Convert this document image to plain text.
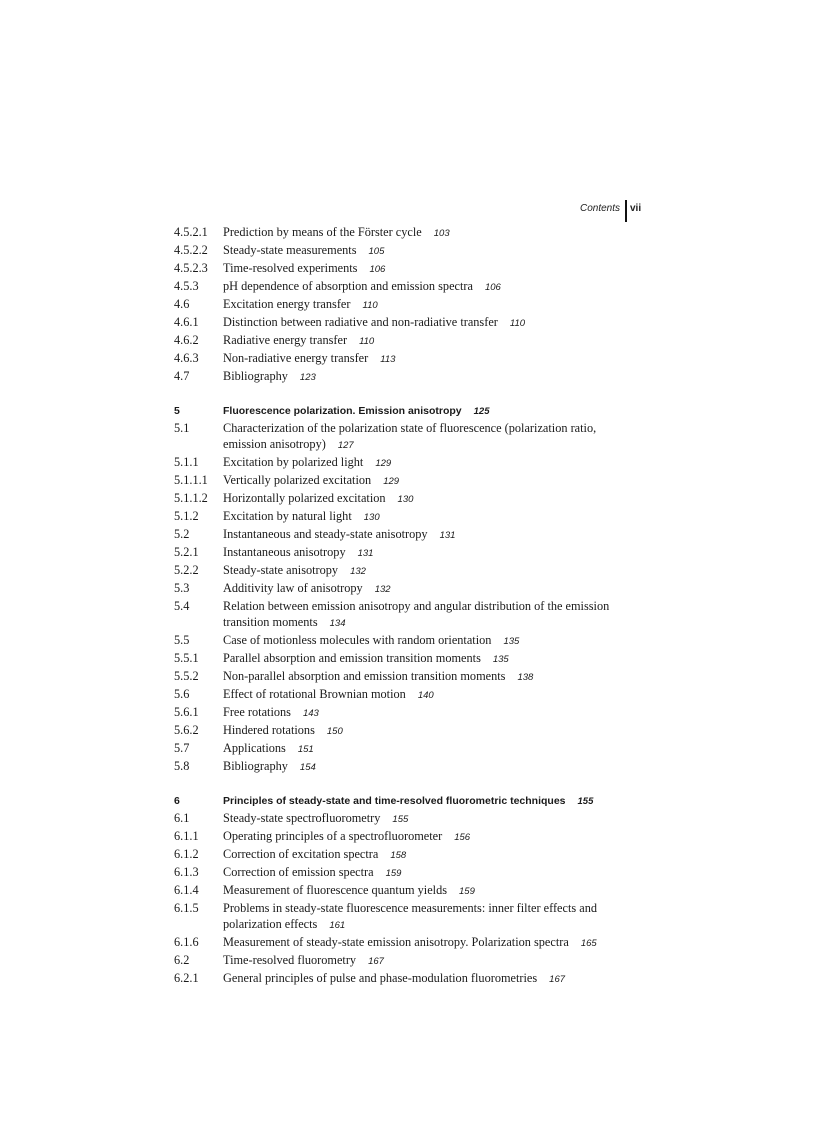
Contents vii
4.5.2.1	Prediction by means of the Förster cycle 103
4.5.2.2	Steady-state measurements 105
4.5.2.3	Time-resolved experiments 106
4.5.3	pH dependence of absorption and emission spectra 106
4.6	Excitation energy transfer 110
4.6.1	Distinction between radiative and non-radiative transfer 110
4.6.2	Radiative energy transfer 110
4.6.3	Non-radiative energy transfer 113
4.7	Bibliography 123
5	Fluorescence polarization. Emission anisotropy 125
5.1	Characterization of the polarization state of fluorescence (polarization ratio, emission anisotropy) 127
5.1.1	Excitation by polarized light 129
5.1.1.1	Vertically polarized excitation 129
5.1.1.2	Horizontally polarized excitation 130
5.1.2	Excitation by natural light 130
5.2	Instantaneous and steady-state anisotropy 131
5.2.1	Instantaneous anisotropy 131
5.2.2	Steady-state anisotropy 132
5.3	Additivity law of anisotropy 132
5.4	Relation between emission anisotropy and angular distribution of the emission transition moments 134
5.5	Case of motionless molecules with random orientation 135
5.5.1	Parallel absorption and emission transition moments 135
5.5.2	Non-parallel absorption and emission transition moments 138
5.6	Effect of rotational Brownian motion 140
5.6.1	Free rotations 143
5.6.2	Hindered rotations 150
5.7	Applications 151
5.8	Bibliography 154
6	Principles of steady-state and time-resolved fluorometric techniques 155
6.1	Steady-state spectrofluorometry 155
6.1.1	Operating principles of a spectrofluorometer 156
6.1.2	Correction of excitation spectra 158
6.1.3	Correction of emission spectra 159
6.1.4	Measurement of fluorescence quantum yields 159
6.1.5	Problems in steady-state fluorescence measurements: inner filter effects and polarization effects 161
6.1.6	Measurement of steady-state emission anisotropy. Polarization spectra 165
6.2	Time-resolved fluorometry 167
6.2.1	General principles of pulse and phase-modulation fluorometries 167
